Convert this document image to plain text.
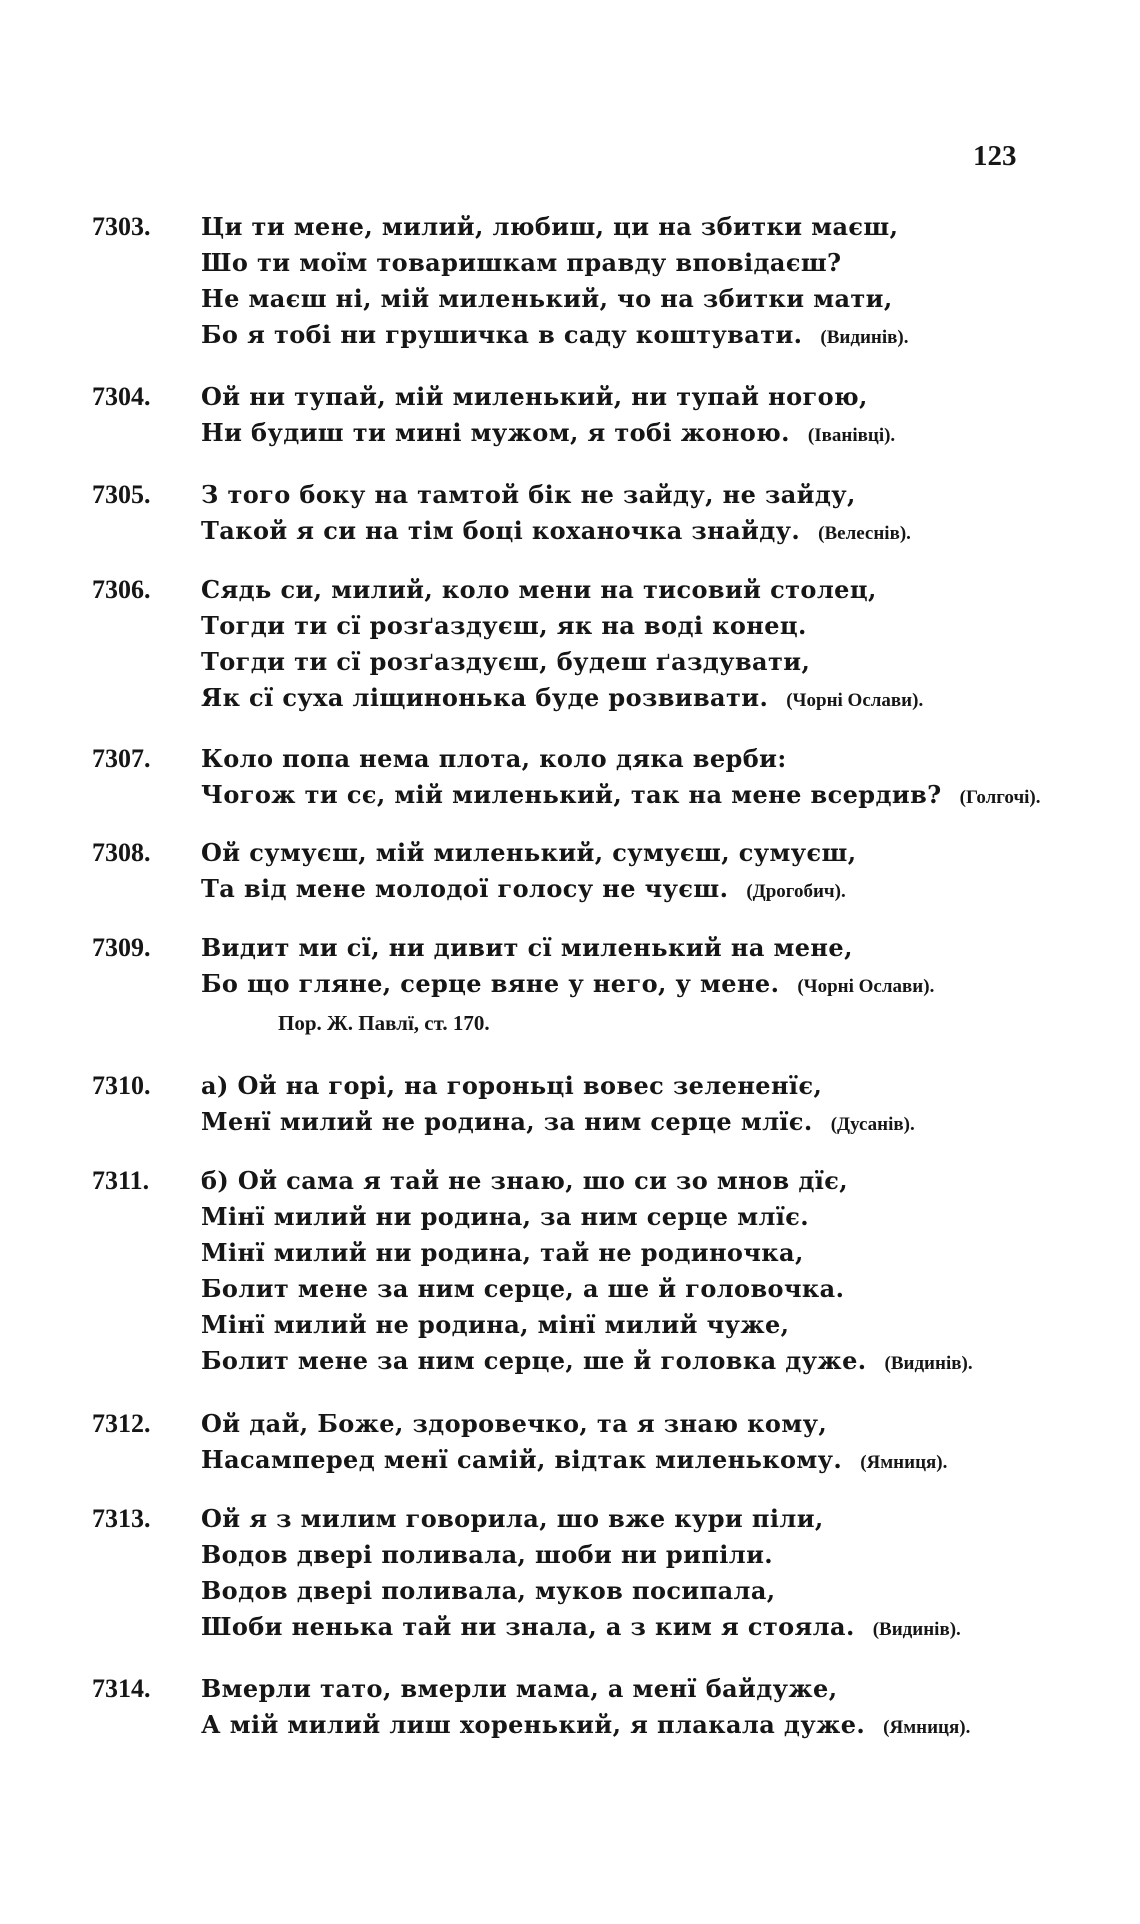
123
7303. Ци ти мене, милий, любиш, ци на збитки маєш,
Шо ти моїм товаришкам правду вповідаєш?
Не маєш ні, мій миленький, чо на збитки мати,
Бо я тобі ни грушичка в саду коштувати. (Видинів).
7304. Ой ни тупай, мій миленький, ни тупай ногою,
Ни будиш ти мині мужом, я тобі жоною. (Іванівці).
7305. З того боку на тамтой бік не зайду, не зайду,
Такой я си на тім боці коханочка знайду. (Велеснів).
7306. Сядь си, милий, коло мени на тисовий столец,
Тогди ти сї розґаздуєш, як на воді конец.
Тогди ти сї розґаздуєш, будеш ґаздувати,
Як сї суха ліщинонька буде розвивати. (Чорні Ослави).
7307. Коло попа нема плота, коло дяка верби:
Чогож ти сє, мій миленький, так на мене всердив? (Голгочі).
7308. Ой сумуєш, мій миленький, сумуєш, сумуєш,
Та від мене молодої голосу не чуєш. (Дрогобич).
7309. Видит ми сї, ни дивит сї миленький на мене,
Бо що гляне, серце вяне у него, у мене. (Чорні Ослави).
Пор. Ж. Павлї, ст. 170.
7310. а) Ой на горі, на гороньці вовес зелененїє,
Менї милий не родина, за ним серце млїє. (Дусанів).
7311. б) Ой сама я тай не знаю, шо си зо мнов дїє,
Мінї милий ни родина, за ним серце млїє.
Мінї милий ни родина, тай не родиночка,
Болит мене за ним серце, а ше й головочка.
Мінї милий не родина, мінї милий чуже,
Болит мене за ним серце, ше й головка дуже. (Видинів).
7312. Ой дай, Боже, здоровечко, та я знаю кому,
Насамперед менї самій, відтак миленькому. (Ямниця).
7313. Ой я з милим говорила, шо вже кури піли,
Водов двері поливала, шоби ни рипіли.
Водов двері поливала, муков посипала,
Шоби ненька тай ни знала, а з ким я стояла. (Видинів).
7314. Вмерли тато, вмерли мама, а менї байдуже,
А мій милий лиш хоренький, я плакала дуже. (Ямниця).
